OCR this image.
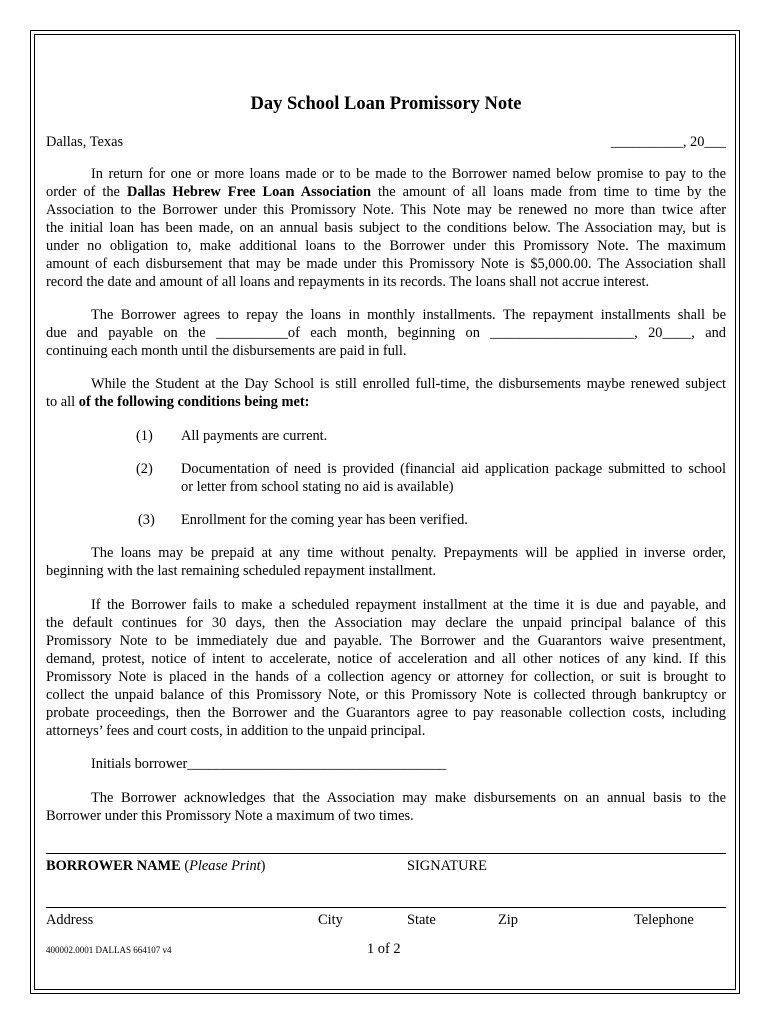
Day School Loan Promissory Note
Dallas, Texas	__________, 20___
In return for one or more loans made or to be made to the Borrower named below promise to pay to the
order of the Dallas Hebrew Free Loan Association the amount of all loans made from time to time by the
Association to the Borrower under this Promissory Note. This Note may be renewed no more than twice after
the initial loan has been made, on an annual basis subject to the conditions below. The Association may, but is
under no obligation to, make additional loans to the Borrower under this Promissory Note. The maximum
amount of each disbursement that may be made under this Promissory Note is $5,000.00. The Association shall
record the date and amount of all loans and repayments in its records. The loans shall not accrue interest.
The Borrower agrees to repay the loans in monthly installments. The repayment installments shall be
due and payable on the __________of each month, beginning on ____________________, 20____, and
continuing each month until the disbursements are paid in full.
While the Student at the Day School is still enrolled full-time, the disbursements maybe renewed subject
to all of the following conditions being met:
(1) All payments are current.
(2) Documentation of need is provided (financial aid application package submitted to school
or letter from school stating no aid is available)
(3) Enrollment for the coming year has been verified.
The loans may be prepaid at any time without penalty. Prepayments will be applied in inverse order,
beginning with the last remaining scheduled repayment installment.
If the Borrower fails to make a scheduled repayment installment at the time it is due and payable, and
the default continues for 30 days, then the Association may declare the unpaid principal balance of this
Promissory Note to be immediately due and payable. The Borrower and the Guarantors waive presentment,
demand, protest, notice of intent to accelerate, notice of acceleration and all other notices of any kind. If this
Promissory Note is placed in the hands of a collection agency or attorney for collection, or suit is brought to
collect the unpaid balance of this Promissory Note, or this Promissory Note is collected through bankruptcy or
probate proceedings, then the Borrower and the Guarantors agree to pay reasonable collection costs, including
attorneys’ fees and court costs, in addition to the unpaid principal.
Initials borrower____________________________________
The Borrower acknowledges that the Association may make disbursements on an annual basis to the
Borrower under this Promissory Note a maximum of two times.
BORROWER NAME (Please Print)	SIGNATURE
Address	City	State	Zip	Telephone
400002.0001 DALLAS 664107 v4	1 of 2
